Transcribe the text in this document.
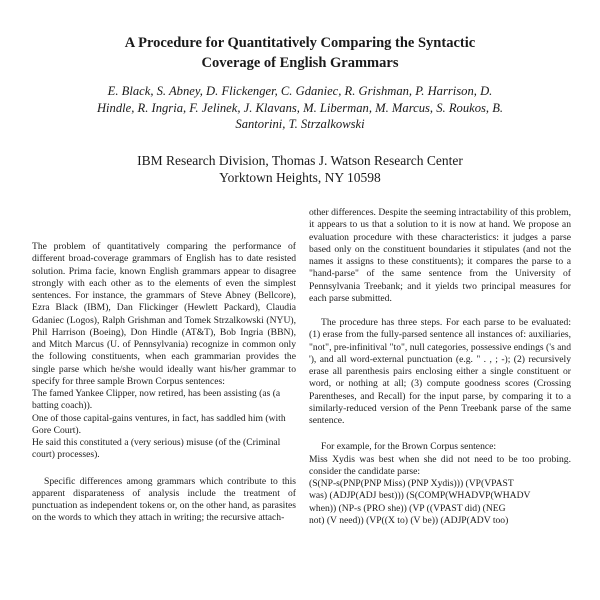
A Procedure for Quantitatively Comparing the Syntactic
Coverage of English Grammars
E. Black, S. Abney, D. Flickenger, C. Gdaniec, R. Grishman, P. Harrison, D.
Hindle, R. Ingria, F. Jelinek, J. Klavans, M. Liberman, M. Marcus, S. Roukos, B.
Santorini, T. Strzalkowski
IBM Research Division, Thomas J. Watson Research Center
Yorktown Heights, NY 10598

The problem of quantitatively comparing the performance of different broad-coverage grammars of English has to date resisted solution. Prima facie, known English grammars appear to disagree strongly with each other as to the elements of even the simplest sentences. For instance, the grammars of Steve Abney (Bellcore), Ezra Black (IBM), Dan Flickinger (Hewlett Packard), Claudia Gdaniec (Logos), Ralph Grishman and Tomek Strzalkowski (NYU), Phil Harrison (Boeing), Don Hindle (AT&T), Bob Ingria (BBN), and Mitch Marcus (U. of Pennsylvania) recognize in common only the following constituents, when each grammarian provides the single parse which he/she would ideally want his/her grammar to specify for three sample Brown Corpus sentences:

The famed Yankee Clipper, now retired, has been assisting (as (a batting coach)).

One of those capital-gains ventures, in fact, has saddled him (with Gore Court).

He said this constituted a (very serious) misuse (of the (Criminal court) processes).

Specific differences among grammars which contribute to this apparent disparateness of analysis include the treatment of punctuation as independent tokens or, on the other hand, as parasites on the words to which they attach in writing; the recursive attach-

other differences. Despite the seeming intractability of this problem, it appears to us that a solution to it is now at hand. We propose an evaluation procedure with these characteristics: it judges a parse based only on the constituent boundaries it stipulates (and not the names it assigns to these constituents); it compares the parse to a "hand-parse" of the same sentence from the University of Pennsylvania Treebank; and it yields two principal measures for each parse submitted.

The procedure has three steps. For each parse to be evaluated: (1) erase from the fully-parsed sentence all instances of: auxiliaries, "not", pre-infinitival "to", null categories, possessive endings ('s and '), and all word-external punctuation (e.g. " . , ; -); (2) recursively erase all parenthesis pairs enclosing either a single constituent or word, or nothing at all; (3) compute goodness scores (Crossing Parentheses, and Recall) for the input parse, by comparing it to a similarly-reduced version of the Penn Treebank parse of the same sentence.

For example, for the Brown Corpus sentence:

Miss Xydis was best when she did not need to be too probing. consider the candidate parse:

(S(NP-s(PNP(PNP Miss) (PNP Xydis))) (VP(VPAST

was) (ADJP(ADJ best))) (S(COMP(WHADVP(WHADV

when)) (NP-s (PRO she)) (VP ((VPAST did) (NEG

not) (V need)) (VP((X to) (V be)) (ADJP(ADV too)
